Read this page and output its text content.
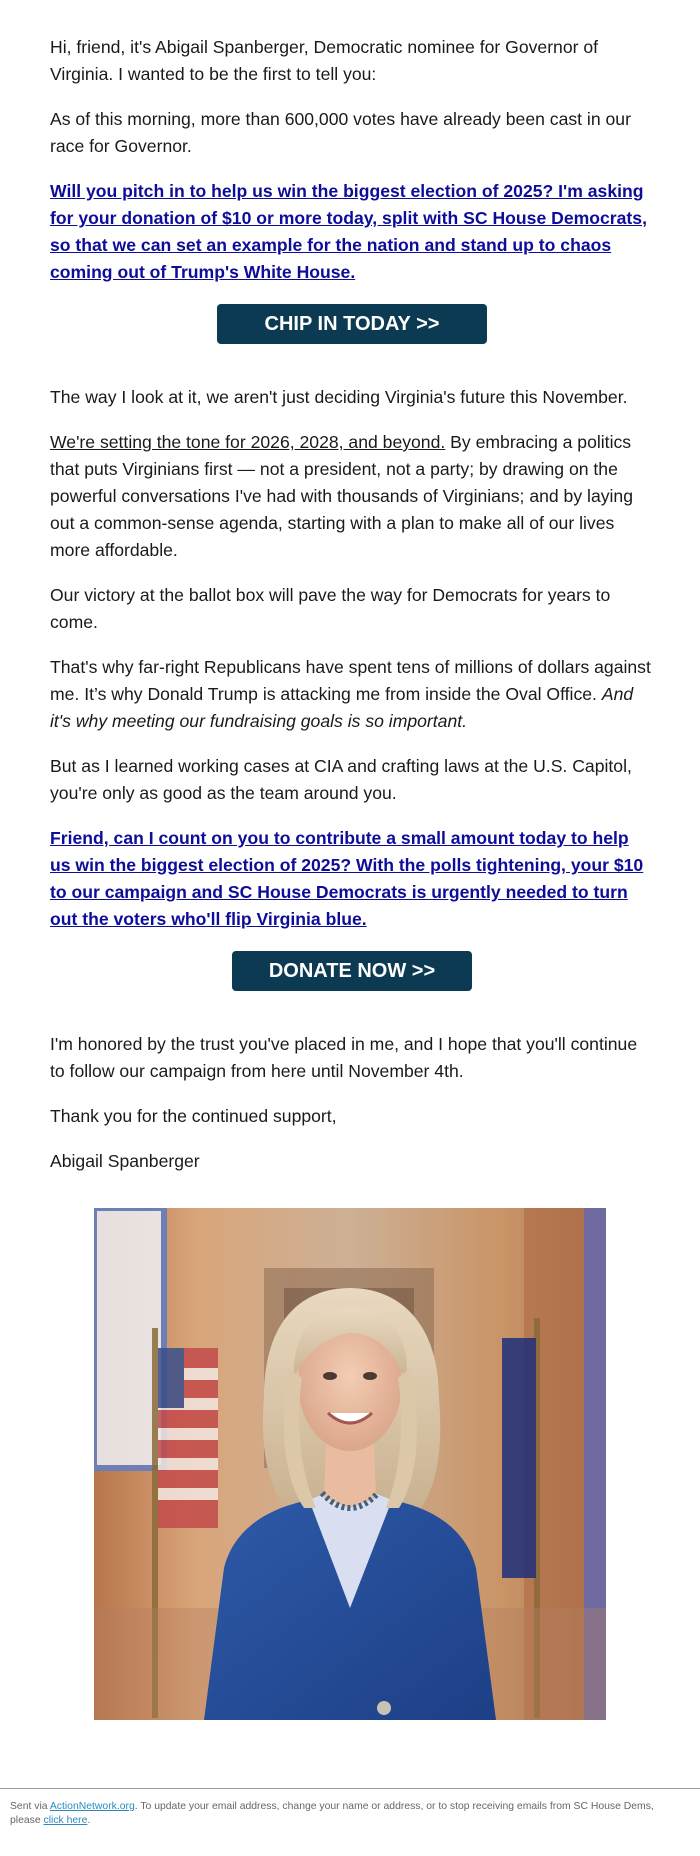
Hi, friend, it's Abigail Spanberger, Democratic nominee for Governor of Virginia. I wanted to be the first to tell you:

As of this morning, more than 600,000 votes have already been cast in our race for Governor.

Will you pitch in to help us win the biggest election of 2025? I'm asking for your donation of $10 or more today, split with SC House Democrats, so that we can set an example for the nation and stand up to chaos coming out of Trump's White House.
CHIP IN TODAY >>

The way I look at it, we aren't just deciding Virginia's future this November.

We're setting the tone for 2026, 2028, and beyond. By embracing a politics that puts Virginians first — not a president, not a party; by drawing on the powerful conversations I've had with thousands of Virginians; and by laying out a common-sense agenda, starting with a plan to make all of our lives more affordable.

Our victory at the ballot box will pave the way for Democrats for years to come.

That's why far-right Republicans have spent tens of millions of dollars against me. It’s why Donald Trump is attacking me from inside the Oval Office. And it's why meeting our fundraising goals is so important.

But as I learned working cases at CIA and crafting laws at the U.S. Capitol, you're only as good as the team around you.

Friend, can I count on you to contribute a small amount today to help us win the biggest election of 2025? With the polls tightening, your $10 to our campaign and SC House Democrats is urgently needed to turn out the voters who'll flip Virginia blue.
DONATE NOW >>

I'm honored by the trust you've placed in me, and I hope that you'll continue to follow our campaign from here until November 4th.

Thank you for the continued support,

Abigail Spanberger

Sent via ActionNetwork.org. To update your email address, change your name or address, or to stop receiving emails from SC House Dems, please click here.
